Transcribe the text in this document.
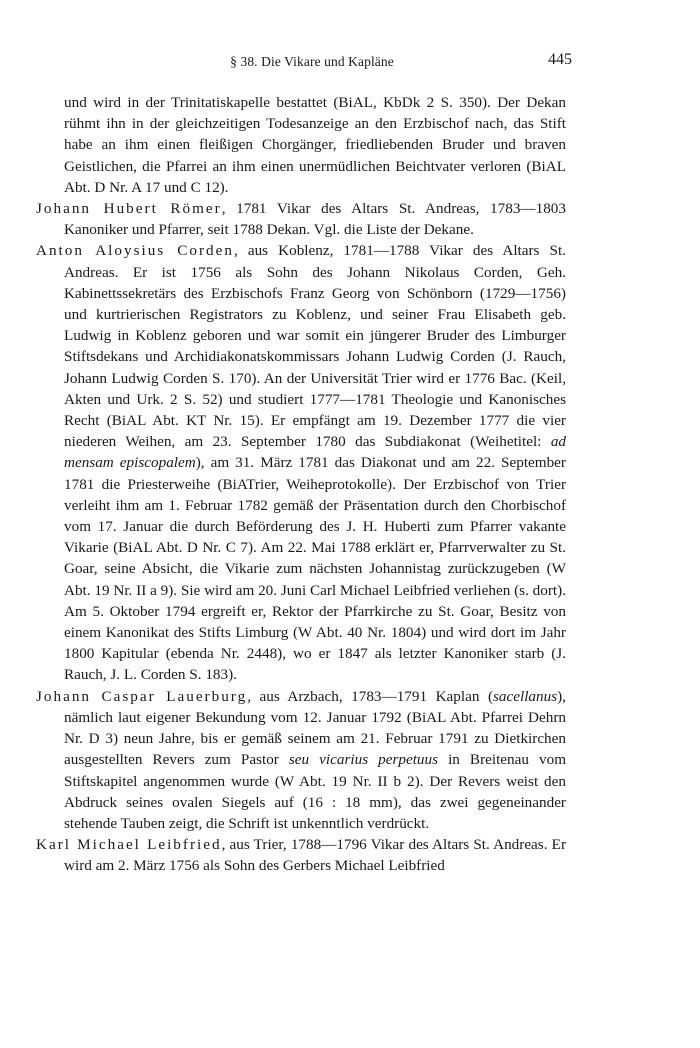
§ 38. Die Vikare und Kapläne	445

und wird in der Trinitatiskapelle bestattet (BiAL, KbDk 2 S. 350). Der Dekan rühmt ihn in der gleichzeitigen Todesanzeige an den Erzbischof nach, das Stift habe an ihm einen fleißigen Chorgänger, friedliebenden Bruder und braven Geistlichen, die Pfarrei an ihm einen unermüdlichen Beichtvater verloren (BiAL Abt. D Nr. A 17 und C 12).

Johann Hubert Römer, 1781 Vikar des Altars St. Andreas, 1783—1803 Kanoniker und Pfarrer, seit 1788 Dekan. Vgl. die Liste der Dekane.

Anton Aloysius Corden, aus Koblenz, 1781—1788 Vikar des Altars St. Andreas. Er ist 1756 als Sohn des Johann Nikolaus Corden, Geh. Kabinettssekretärs des Erzbischofs Franz Georg von Schönborn (1729—1756) und kurtrierischen Registrators zu Koblenz, und seiner Frau Elisabeth geb. Ludwig in Koblenz geboren und war somit ein jüngerer Bruder des Limburger Stiftsdekans und Archidiakonatskommissars Johann Ludwig Corden (J. Rauch, Johann Ludwig Corden S. 170). An der Universität Trier wird er 1776 Bac. (Keil, Akten und Urk. 2 S. 52) und studiert 1777—1781 Theologie und Kanonisches Recht (BiAL Abt. KT Nr. 15). Er empfängt am 19. Dezember 1777 die vier niederen Weihen, am 23. September 1780 das Subdiakonat (Weihetitel: ad mensam episcopalem), am 31. März 1781 das Diakonat und am 22. September 1781 die Priesterweihe (BiATrier, Weiheprotokolle). Der Erzbischof von Trier verleiht ihm am 1. Februar 1782 gemäß der Präsentation durch den Chorbischof vom 17. Januar die durch Beförderung des J. H. Huberti zum Pfarrer vakante Vikarie (BiAL Abt. D Nr. C 7). Am 22. Mai 1788 erklärt er, Pfarrverwalter zu St. Goar, seine Absicht, die Vikarie zum nächsten Johannistag zurückzugeben (W Abt. 19 Nr. II a 9). Sie wird am 20. Juni Carl Michael Leibfried verliehen (s. dort). Am 5. Oktober 1794 ergreift er, Rektor der Pfarrkirche zu St. Goar, Besitz von einem Kanonikat des Stifts Limburg (W Abt. 40 Nr. 1804) und wird dort im Jahr 1800 Kapitular (ebenda Nr. 2448), wo er 1847 als letzter Kanoniker starb (J. Rauch, J. L. Corden S. 183).

Johann Caspar Lauerburg, aus Arzbach, 1783—1791 Kaplan (sacellanus), nämlich laut eigener Bekundung vom 12. Januar 1792 (BiAL Abt. Pfarrei Dehrn Nr. D 3) neun Jahre, bis er gemäß seinem am 21. Februar 1791 zu Dietkirchen ausgestellten Revers zum Pastor seu vicarius perpetuus in Breitenau vom Stiftskapitel angenommen wurde (W Abt. 19 Nr. II b 2). Der Revers weist den Abdruck seines ovalen Siegels auf (16 : 18 mm), das zwei gegeneinander stehende Tauben zeigt, die Schrift ist unkenntlich verdrückt.

Karl Michael Leibfried, aus Trier, 1788—1796 Vikar des Altars St. Andreas. Er wird am 2. März 1756 als Sohn des Gerbers Michael Leibfried
